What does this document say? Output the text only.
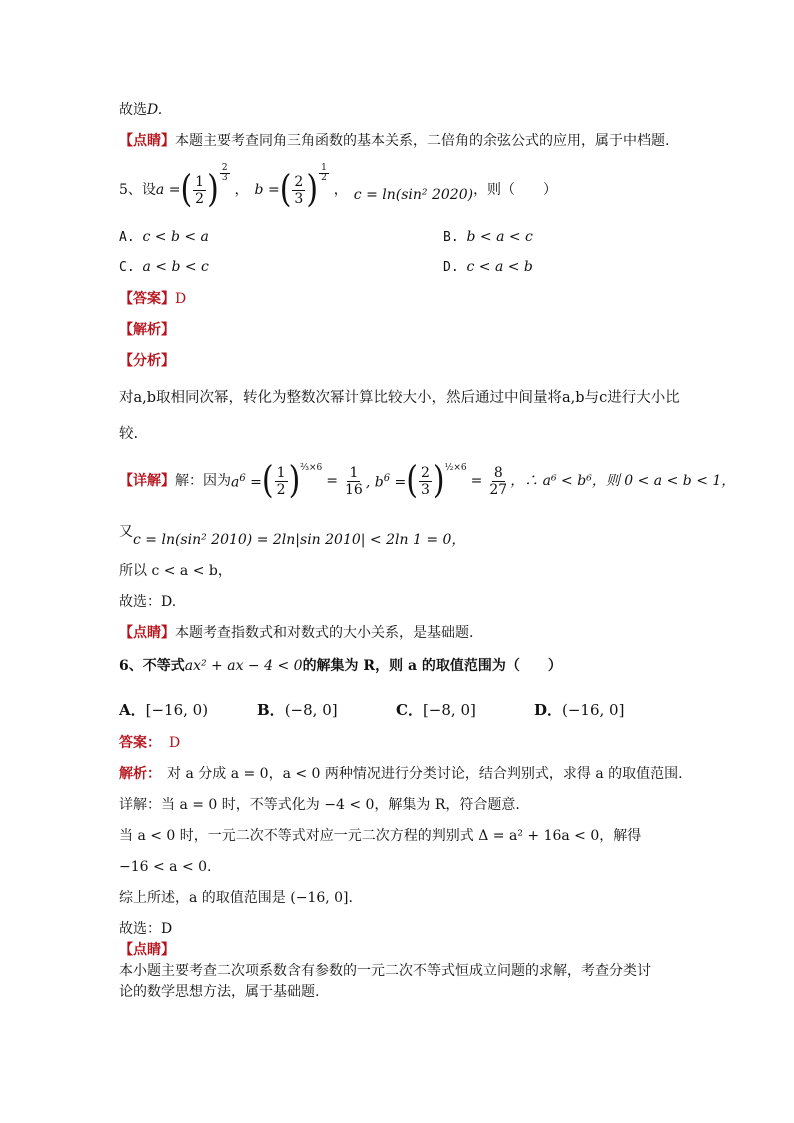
故选D.
【点睛】本题主要考查同角三角函数的基本关系，二倍角的余弦公式的应用，属于中档题.
5、设 a = ( $\frac{1}{2}$ ) $\frac{2}{3}$
， b = ( $\frac{2}{3}$ ) $\frac{1}{2}$
， c = ln(sin² 2020) ，则（　　）
A. c < b < a	B. b < a < c
C. a < b < c	D. c < a < b
【答案】D
【解析】
【分析】
对a,b取相同次幂，转化为整数次幂计算比较大小，然后通过中间量将a,b与c进行大小比
较.
【详解】 解：因为 $a^6$ = ( $\frac{1}{2}$ ) ⅔×6
= $\frac{1}{16}$ , $b^6$ = ( $\frac{2}{3}$ ) ½×6
= $\frac{8}{27}$ ，∴ a⁶ < b⁶，则 0 < a < b < 1，
又c = ln(sin² 2010) = 2ln|sin 2010| < 2ln 1 = 0，
所以 c < a < b，
故选：D.
【点睛】本题考查指数式和对数式的大小关系，是基础题.
6、不等式ax² + ax − 4 < 0的解集为 R，则 a 的取值范围为（　　）
A．[−16, 0)	B．(−8, 0]	C．[−8, 0]	D．(−16, 0]
答案： D
解析： 对 a 分成 a = 0，a < 0 两种情况进行分类讨论，结合判别式，求得 a 的取值范围.
详解：当 a = 0 时，不等式化为 −4 < 0，解集为 R，符合题意.
当 a < 0 时，一元二次不等式对应一元二次方程的判别式 Δ = a² + 16a < 0，解得
−16 < a < 0.
综上所述，a 的取值范围是 (−16, 0].
故选：D
【点睛】
本小题主要考查二次项系数含有参数的一元二次不等式恒成立问题的求解，考查分类讨
论的数学思想方法，属于基础题.
